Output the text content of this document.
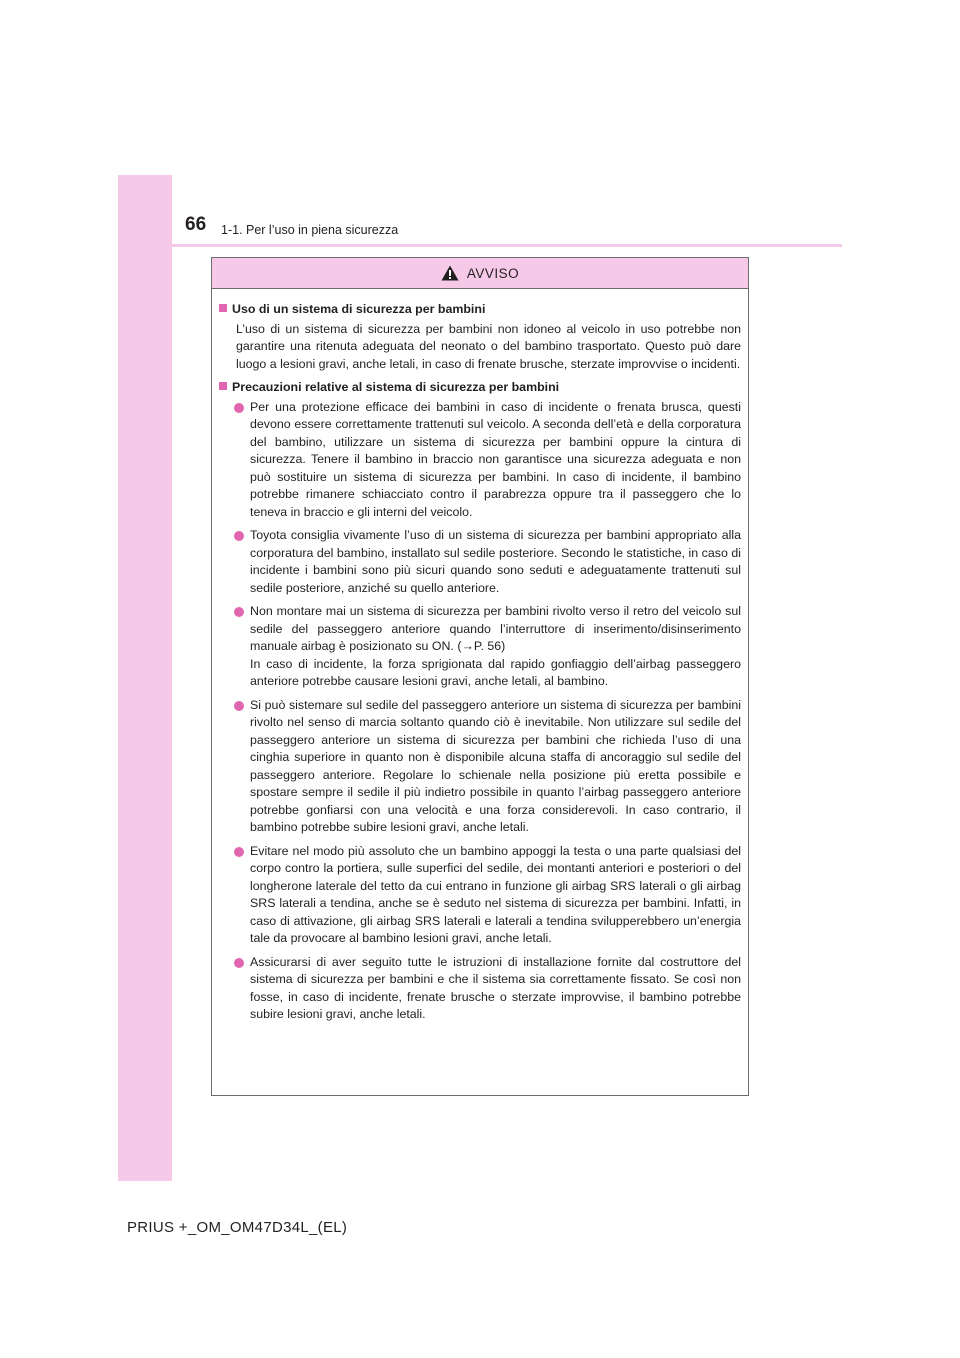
66 1-1. Per l’uso in piena sicurezza
AVVISO
Uso di un sistema di sicurezza per bambini
L’uso di un sistema di sicurezza per bambini non idoneo al veicolo in uso potrebbe non garantire una ritenuta adeguata del neonato o del bambino trasportato. Questo può dare luogo a lesioni gravi, anche letali, in caso di frenate brusche, sterzate improvvise o incidenti.
Precauzioni relative al sistema di sicurezza per bambini
Per una protezione efficace dei bambini in caso di incidente o frenata brusca, questi devono essere correttamente trattenuti sul veicolo. A seconda dell’età e della corporatura del bambino, utilizzare un sistema di sicurezza per bambini oppure la cintura di sicurezza. Tenere il bambino in braccio non garantisce una sicurezza adeguata e non può sostituire un sistema di sicurezza per bambini. In caso di incidente, il bambino potrebbe rimanere schiacciato contro il parabrezza oppure tra il passeggero che lo teneva in braccio e gli interni del veicolo.
Toyota consiglia vivamente l’uso di un sistema di sicurezza per bambini appropriato alla corporatura del bambino, installato sul sedile posteriore. Secondo le statistiche, in caso di incidente i bambini sono più sicuri quando sono seduti e adeguatamente trattenuti sul sedile posteriore, anziché su quello anteriore.
Non montare mai un sistema di sicurezza per bambini rivolto verso il retro del veicolo sul sedile del passeggero anteriore quando l’interruttore di inserimento/disinserimento manuale airbag è posizionato su ON. (→P. 56)
In caso di incidente, la forza sprigionata dal rapido gonfiaggio dell’airbag passeggero anteriore potrebbe causare lesioni gravi, anche letali, al bambino.
Si può sistemare sul sedile del passeggero anteriore un sistema di sicurezza per bambini rivolto nel senso di marcia soltanto quando ciò è inevitabile. Non utilizzare sul sedile del passeggero anteriore un sistema di sicurezza per bambini che richieda l’uso di una cinghia superiore in quanto non è disponibile alcuna staffa di ancoraggio sul sedile del passeggero anteriore. Regolare lo schienale nella posizione più eretta possibile e spostare sempre il sedile il più indietro possibile in quanto l’airbag passeggero anteriore potrebbe gonfiarsi con una velocità e una forza considerevoli. In caso contrario, il bambino potrebbe subire lesioni gravi, anche letali.
Evitare nel modo più assoluto che un bambino appoggi la testa o una parte qualsiasi del corpo contro la portiera, sulle superfici del sedile, dei montanti anteriori e posteriori o del longherone laterale del tetto da cui entrano in funzione gli airbag SRS laterali o gli airbag SRS laterali a tendina, anche se è seduto nel sistema di sicurezza per bambini. Infatti, in caso di attivazione, gli airbag SRS laterali e laterali a tendina svilupperebbero un’energia tale da provocare al bambino lesioni gravi, anche letali.
Assicurarsi di aver seguito tutte le istruzioni di installazione fornite dal costruttore del sistema di sicurezza per bambini e che il sistema sia correttamente fissato. Se così non fosse, in caso di incidente, frenate brusche o sterzate improvvise, il bambino potrebbe subire lesioni gravi, anche letali.
PRIUS +_OM_OM47D34L_(EL)
